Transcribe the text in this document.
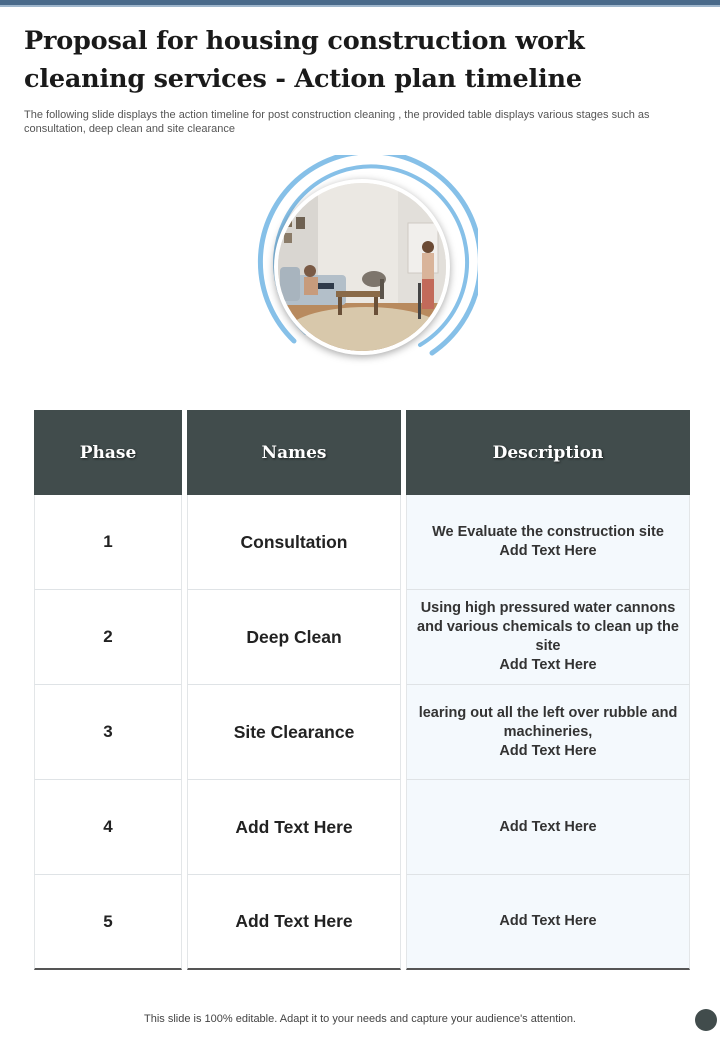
Proposal for housing construction work cleaning services - Action plan timeline

The following slide displays the action timeline for post construction cleaning , the provided table displays various stages such as consultation, deep clean and site clearance

Phase
1
2
3
4
5
Names
Consultation
Deep Clean
Site Clearance
Add Text Here
Add Text Here
Description
We Evaluate the construction site
Add Text Here
Using high pressured water cannons and various chemicals to clean up the site
Add Text Here
learing out all the left over rubble and machineries,
Add Text Here
Add Text Here
Add Text Here

This slide is 100% editable. Adapt it to your needs and capture your audience's attention.
